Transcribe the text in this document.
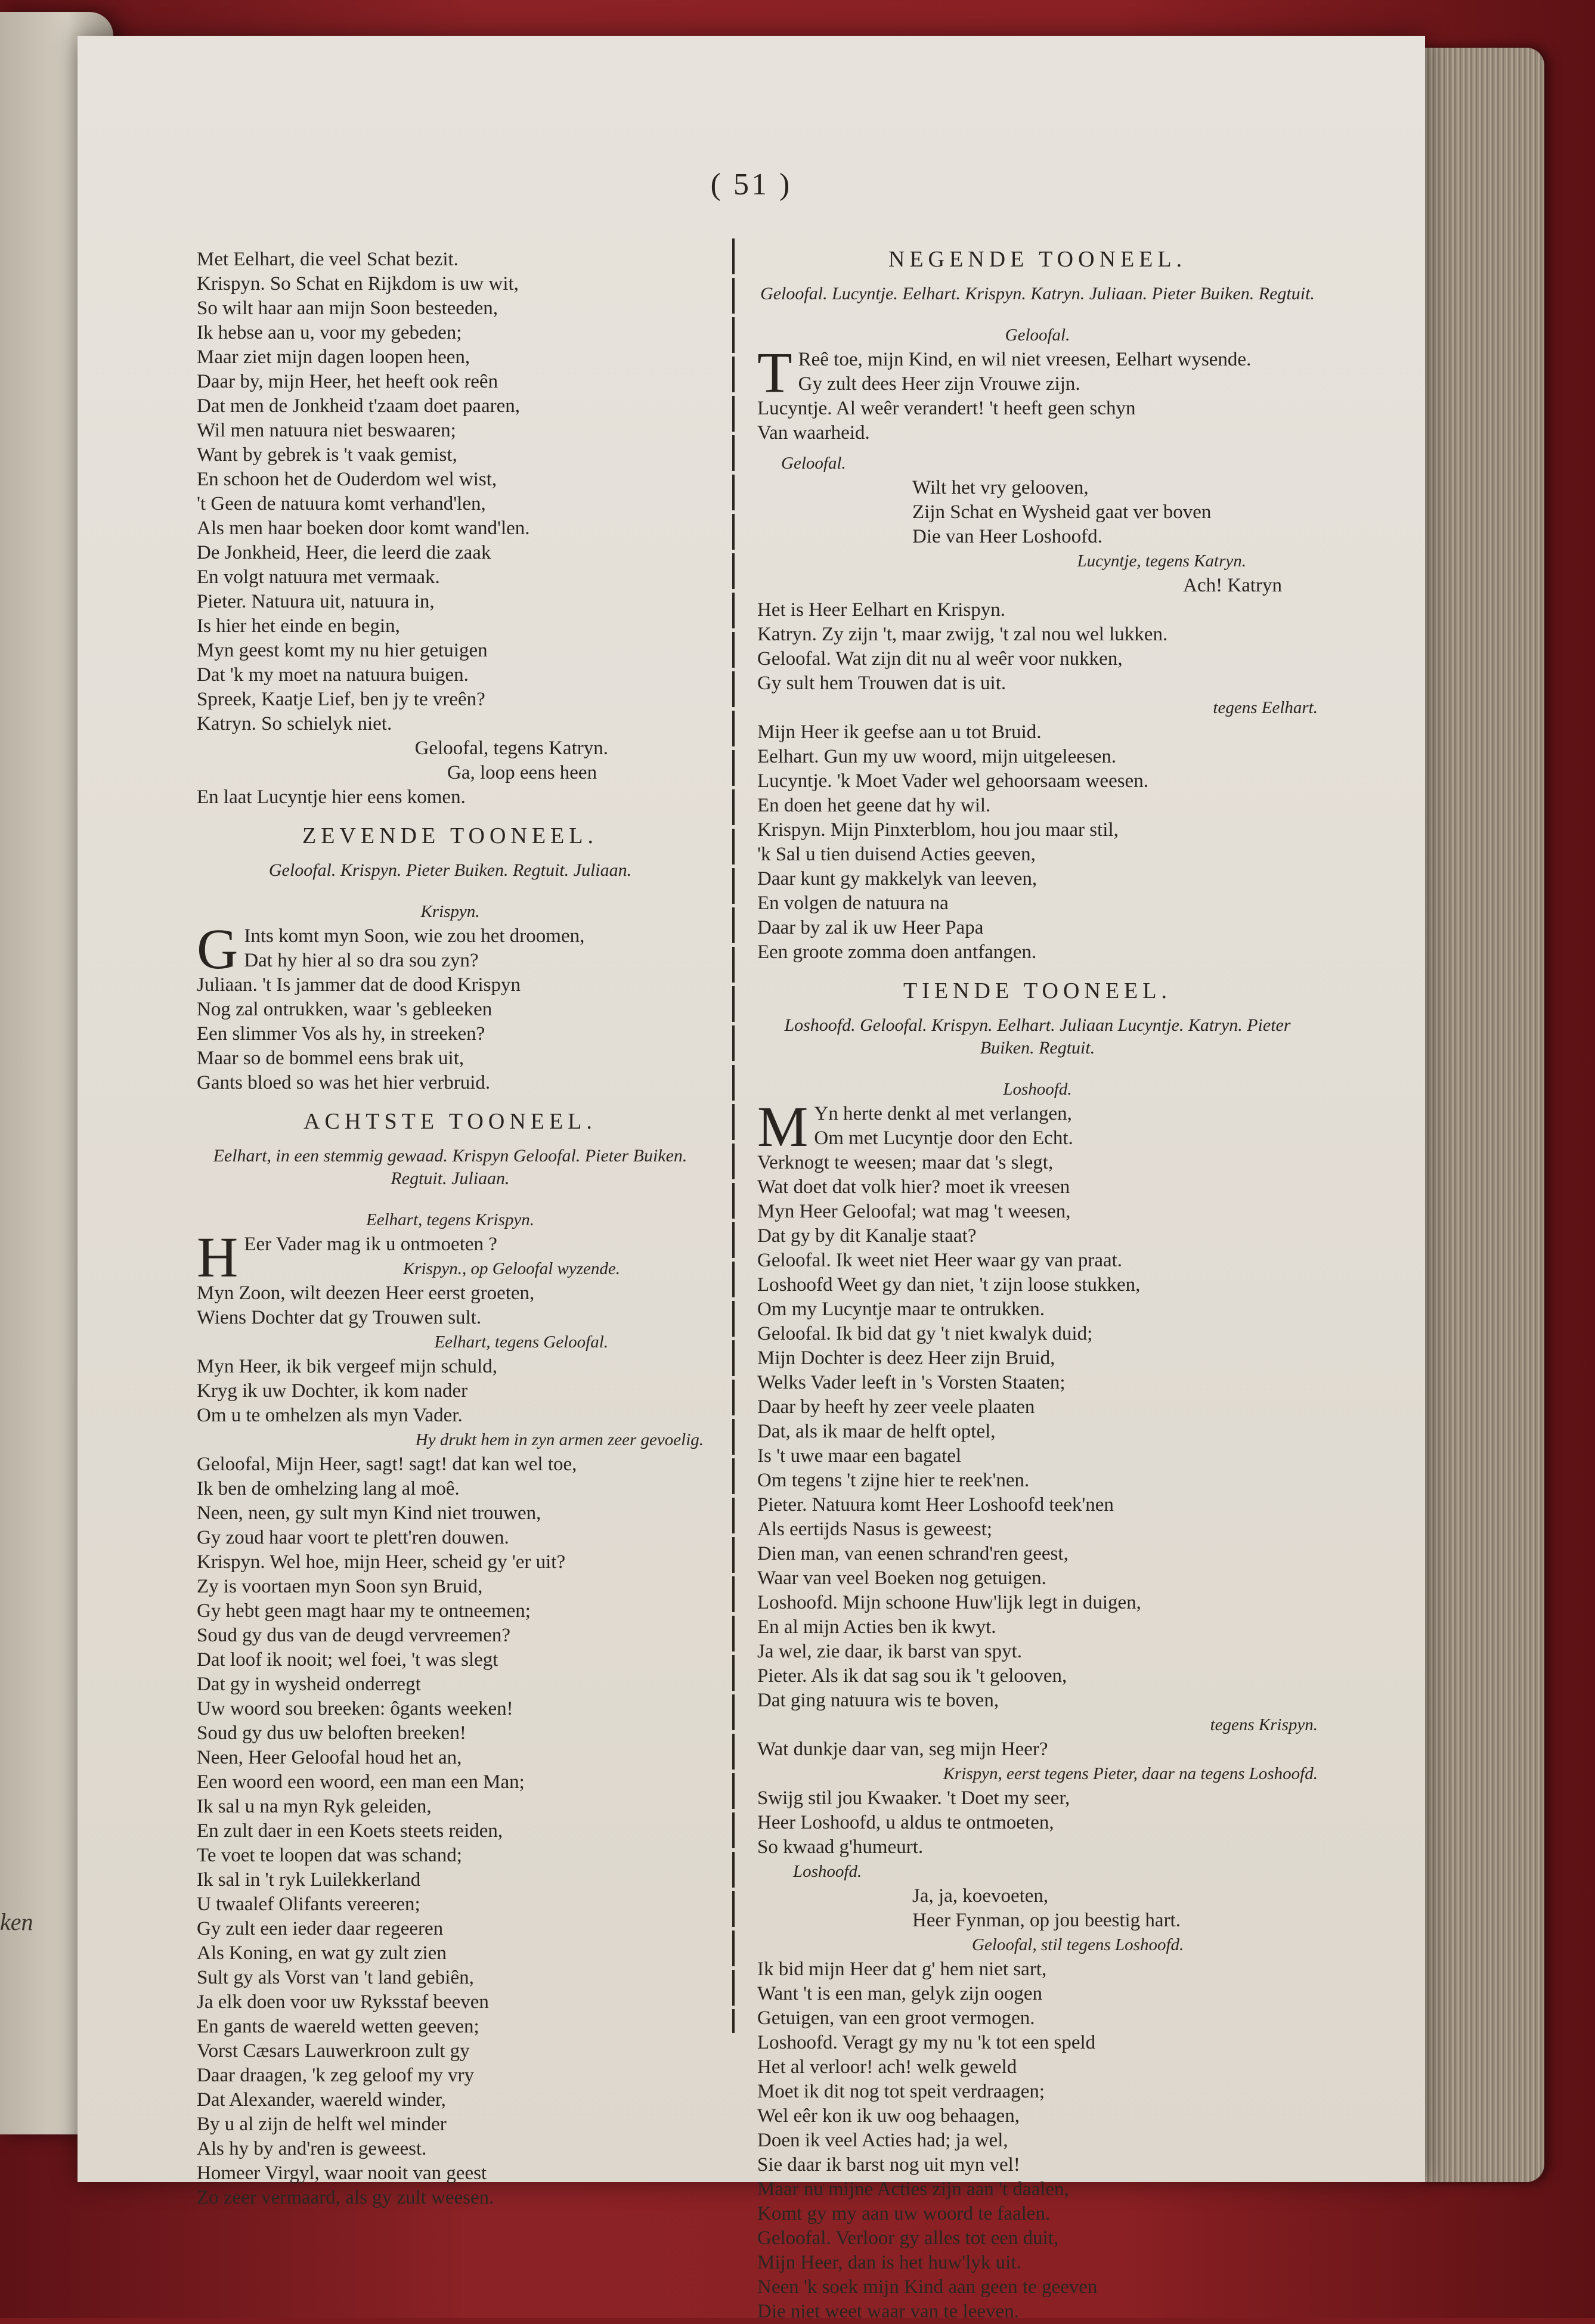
ken
( 51 )
Met Eelhart, die veel Schat bezit.
Krispyn. So Schat en Rijkdom is uw wit,
So wilt haar aan mijn Soon besteeden,
Ik hebse aan u, voor my gebeden;
Maar ziet mijn dagen loopen heen,
Daar by, mijn Heer, het heeft ook reên
Dat men de Jonkheid t'zaam doet paaren,
Wil men natuura niet beswaaren;
Want by gebrek is 't vaak gemist,
En schoon het de Ouderdom wel wist,
't Geen de natuura komt verhand'len,
Als men haar boeken door komt wand'len.
De Jonkheid, Heer, die leerd die zaak
En volgt natuura met vermaak.
Pieter. Natuura uit, natuura in,
Is hier het einde en begin,
Myn geest komt my nu hier getuigen
Dat 'k my moet na natuura buigen.
Spreek, Kaatje Lief, ben jy te vreên?
Katryn. So schielyk niet.
Geloofal, tegens Katryn.
Ga, loop eens heen
En laat Lucyntje hier eens komen.
ZEVENDE TOONEEL.
Geloofal. Krispyn. Pieter Buiken. Regtuit. Juliaan.
Krispyn.
G Ints komt myn Soon, wie zou het droomen,
Dat hy hier al so dra sou zyn?
Juliaan. 't Is jammer dat de dood Krispyn
Nog zal ontrukken, waar 's gebleeken
Een slimmer Vos als hy, in streeken?
Maar so de bommel eens brak uit,
Gants bloed so was het hier verbruid.
ACHTSTE TOONEEL.
Eelhart, in een stemmig gewaad. Krispyn Geloofal. Pieter Buiken. Regtuit. Juliaan.
Eelhart, tegens Krispyn.
H Eer Vader mag ik u ontmoeten ?
Krispyn., op Geloofal wyzende.
Myn Zoon, wilt deezen Heer eerst groeten,
Wiens Dochter dat gy Trouwen sult.
Eelhart, tegens Geloofal.
Myn Heer, ik bik vergeef mijn schuld,
Kryg ik uw Dochter, ik kom nader
Om u te omhelzen als myn Vader.
Hy drukt hem in zyn armen zeer gevoelig.
Geloofal, Mijn Heer, sagt! sagt! dat kan wel toe,
Ik ben de omhelzing lang al moê.
Neen, neen, gy sult myn Kind niet trouwen,
Gy zoud haar voort te plett'ren douwen.
Krispyn. Wel hoe, mijn Heer, scheid gy 'er uit?
Zy is voortaen myn Soon syn Bruid,
Gy hebt geen magt haar my te ontneemen;
Soud gy dus van de deugd vervreemen?
Dat loof ik nooit; wel foei, 't was slegt
Dat gy in wysheid onderregt
Uw woord sou breeken: ôgants weeken!
Soud gy dus uw beloften breeken!
Neen, Heer Geloofal houd het an,
Een woord een woord, een man een Man;
Ik sal u na myn Ryk geleiden,
En zult daer in een Koets steets reiden,
Te voet te loopen dat was schand;
Ik sal in 't ryk Luilekkerland
U twaalef Olifants vereeren;
Gy zult een ieder daar regeeren
Als Koning, en wat gy zult zien
Sult gy als Vorst van 't land gebiên,
Ja elk doen voor uw Ryksstaf beeven
En gants de waereld wetten geeven;
Vorst Cæsars Lauwerkroon zult gy
Daar draagen, 'k zeg geloof my vry
Dat Alexander, waereld winder,
By u al zijn de helft wel minder
Als hy by and'ren is geweest.
Homeer Virgyl, waar nooit van geest
Zo zeer vermaard, als gy zult weesen.
NEGENDE TOONEEL.
Geloofal. Lucyntje. Eelhart. Krispyn. Katryn. Juliaan. Pieter Buiken. Regtuit.
Geloofal.
T Reê toe, mijn Kind, en wil niet vreesen, Eelhart wysende.
Gy zult dees Heer zijn Vrouwe zijn.
Lucyntje. Al weêr verandert! 't heeft geen schyn
Van waarheid.
Geloofal.
Wilt het vry gelooven,
Zijn Schat en Wysheid gaat ver boven
Die van Heer Loshoofd.
Lucyntje, tegens Katryn.
Ach! Katryn
Het is Heer Eelhart en Krispyn.
Katryn. Zy zijn 't, maar zwijg, 't zal nou wel lukken.
Geloofal. Wat zijn dit nu al weêr voor nukken,
Gy sult hem Trouwen dat is uit.
tegens Eelhart.
Mijn Heer ik geefse aan u tot Bruid.
Eelhart. Gun my uw woord, mijn uitgeleesen.
Lucyntje. 'k Moet Vader wel gehoorsaam weesen.
En doen het geene dat hy wil.
Krispyn. Mijn Pinxterblom, hou jou maar stil,
'k Sal u tien duisend Acties geeven,
Daar kunt gy makkelyk van leeven,
En volgen de natuura na
Daar by zal ik uw Heer Papa
Een groote zomma doen antfangen.
TIENDE TOONEEL.
Loshoofd. Geloofal. Krispyn. Eelhart. Juliaan Lucyntje. Katryn. Pieter Buiken. Regtuit.
Loshoofd.
M Yn herte denkt al met verlangen,
Om met Lucyntje door den Echt.
Verknogt te weesen; maar dat 's slegt,
Wat doet dat volk hier? moet ik vreesen
Myn Heer Geloofal; wat mag 't weesen,
Dat gy by dit Kanalje staat?
Geloofal. Ik weet niet Heer waar gy van praat.
Loshoofd Weet gy dan niet, 't zijn loose stukken,
Om my Lucyntje maar te ontrukken.
Geloofal. Ik bid dat gy 't niet kwalyk duid;
Mijn Dochter is deez Heer zijn Bruid,
Welks Vader leeft in 's Vorsten Staaten;
Daar by heeft hy zeer veele plaaten
Dat, als ik maar de helft optel,
Is 't uwe maar een bagatel
Om tegens 't zijne hier te reek'nen.
Pieter. Natuura komt Heer Loshoofd teek'nen
Als eertijds Nasus is geweest;
Dien man, van eenen schrand'ren geest,
Waar van veel Boeken nog getuigen.
Loshoofd. Mijn schoone Huw'lijk legt in duigen,
En al mijn Acties ben ik kwyt.
Ja wel, zie daar, ik barst van spyt.
Pieter. Als ik dat sag sou ik 't gelooven,
Dat ging natuura wis te boven,
tegens Krispyn.
Wat dunkje daar van, seg mijn Heer?
Krispyn, eerst tegens Pieter, daar na tegens Loshoofd.
Swijg stil jou Kwaaker. 't Doet my seer,
Heer Loshoofd, u aldus te ontmoeten,
So kwaad g'humeurt.
Loshoofd.
Ja, ja, koevoeten,
Heer Fynman, op jou beestig hart.
Geloofal, stil tegens Loshoofd.
Ik bid mijn Heer dat g' hem niet sart,
Want 't is een man, gelyk zijn oogen
Getuigen, van een groot vermogen.
Loshoofd. Veragt gy my nu 'k tot een speld
Het al verloor! ach! welk geweld
Moet ik dit nog tot speit verdraagen;
Wel eêr kon ik uw oog behaagen,
Doen ik veel Acties had; ja wel,
Sie daar ik barst nog uit myn vel!
Maar nu mijne Acties zijn aan 't daalen,
Komt gy my aan uw woord te faalen.
Geloofal. Verloor gy alles tot een duit,
Mijn Heer, dan is het huw'lyk uit.
Neen 'k soek mijn Kind aan geen te geeven
Die niet weet waar van te leeven.
